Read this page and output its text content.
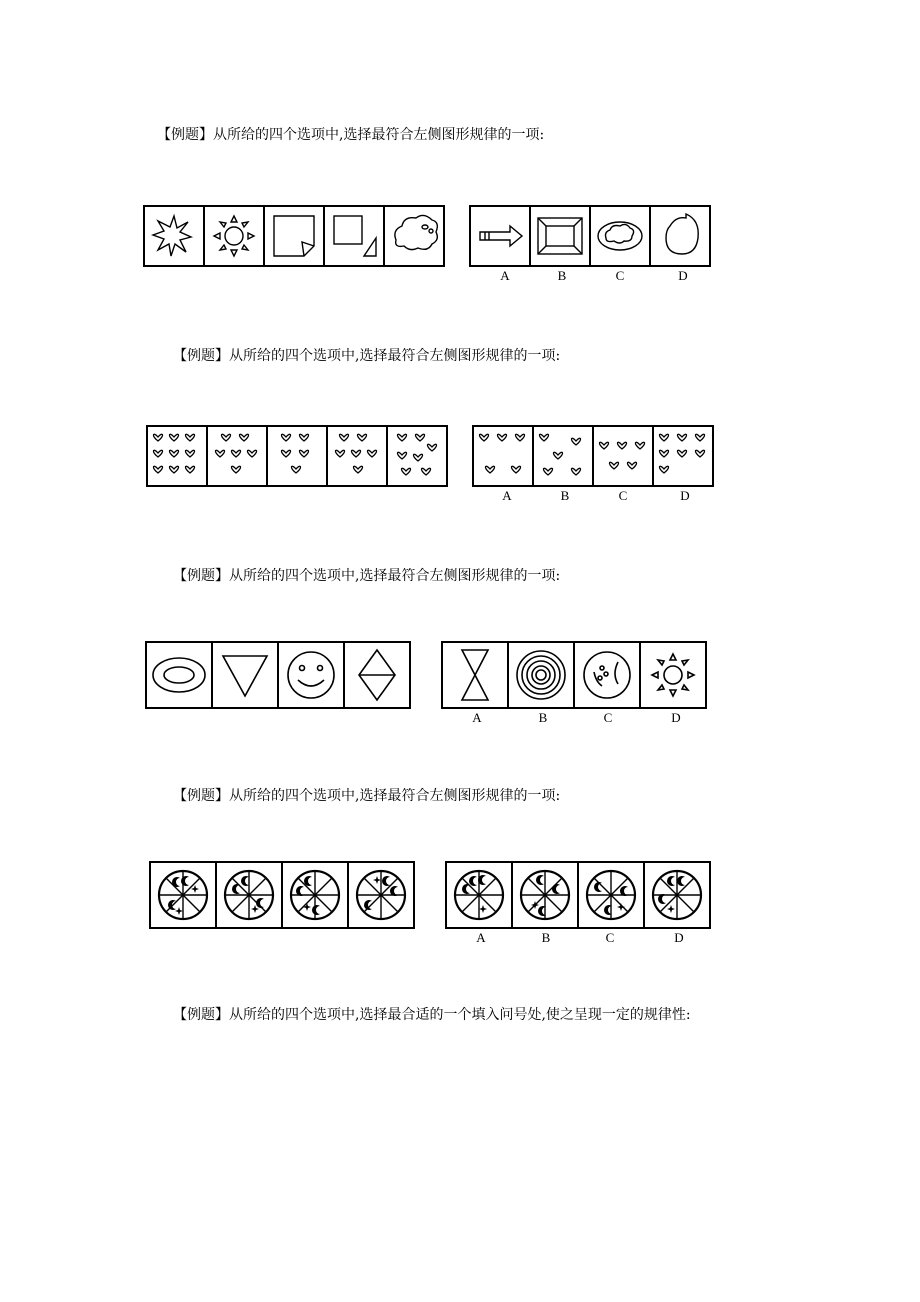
【例题】从所给的四个选项中,选择最符合左侧图形规律的一项:
A	B	C	D
【例题】从所给的四个选项中,选择最符合左侧图形规律的一项:
A	B	C	D
【例题】从所给的四个选项中,选择最符合左侧图形规律的一项:
A	B	C	D
【例题】从所给的四个选项中,选择最符合左侧图形规律的一项:
A	B	C	D
【例题】从所给的四个选项中,选择最合适的一个填入问号处,使之呈现一定的规律性:
